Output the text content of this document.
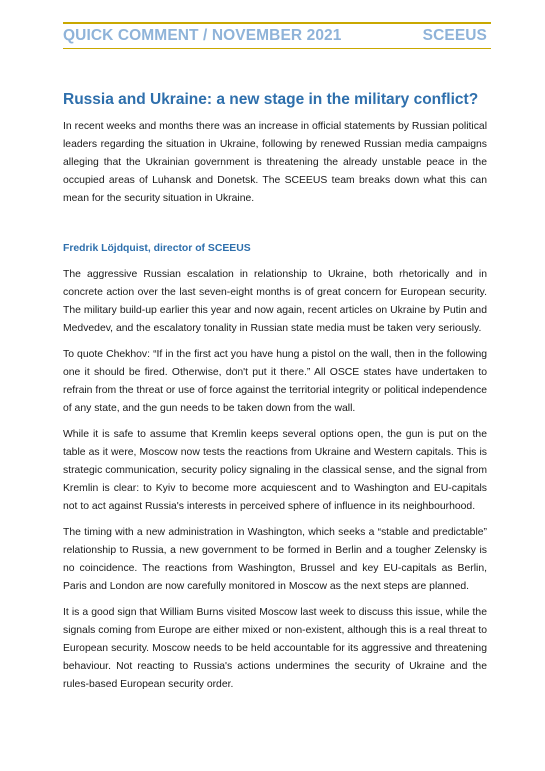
QUICK COMMENT / NOVEMBER 2021	SCEEUS
Russia and Ukraine: a new stage in the military conflict?

In recent weeks and months there was an increase in official statements by Russian political leaders regarding the situation in Ukraine, following by renewed Russian media campaigns alleging that the Ukrainian government is threatening the already unstable peace in the occupied areas of Luhansk and Donetsk. The SCEEUS team breaks down what this can mean for the security situation in Ukraine.

Fredrik Löjdquist, director of SCEEUS

The aggressive Russian escalation in relationship to Ukraine, both rhetorically and in concrete action over the last seven-eight months is of great concern for European security. The military build-up earlier this year and now again, recent articles on Ukraine by Putin and Medvedev, and the escalatory tonality in Russian state media must be taken very seriously.

To quote Chekhov: “If in the first act you have hung a pistol on the wall, then in the following one it should be fired. Otherwise, don't put it there.” All OSCE states have undertaken to refrain from the threat or use of force against the territorial integrity or political independence of any state, and the gun needs to be taken down from the wall.

While it is safe to assume that Kremlin keeps several options open, the gun is put on the table as it were, Moscow now tests the reactions from Ukraine and Western capitals. This is strategic communication, security policy signaling in the classical sense, and the signal from Kremlin is clear: to Kyiv to become more acquiescent and to Washington and EU-capitals not to act against Russia's interests in perceived sphere of influence in its neighbourhood.

The timing with a new administration in Washington, which seeks a “stable and predictable” relationship to Russia, a new government to be formed in Berlin and a tougher Zelensky is no coincidence. The reactions from Washington, Brussel and key EU-capitals as Berlin, Paris and London are now carefully monitored in Moscow as the next steps are planned.

It is a good sign that William Burns visited Moscow last week to discuss this issue, while the signals coming from Europe are either mixed or non-existent, although this is a real threat to European security. Moscow needs to be held accountable for its aggressive and threatening behaviour. Not reacting to Russia's actions undermines the security of Ukraine and the rules-based European security order.
